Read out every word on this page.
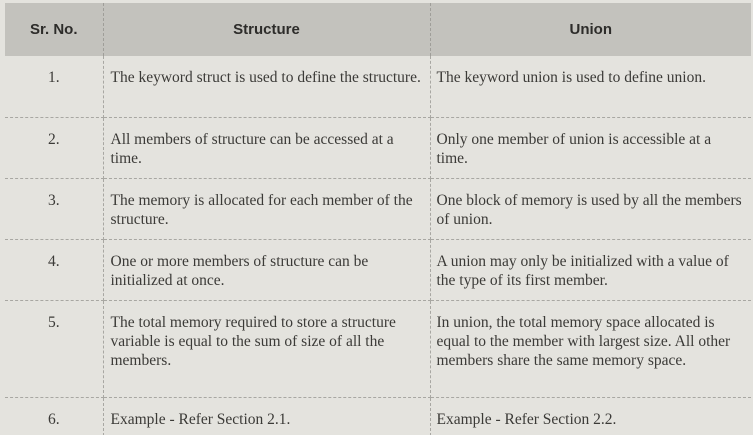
Sr. No.	Structure	Union
1.	The keyword struct is used to define the structure.	The keyword union is used to define union.
2.	All members of structure can be accessed at a time.	Only one member of union is accessible at a time.
3.	The memory is allocated for each member of the structure.	One block of memory is used by all the members of union.
4.	One or more members of structure can be initialized at once.	A union may only be initialized with a value of the type of its first member.
5.	The total memory required to store a structure variable is equal to the sum of size of all the members.	In union, the total memory space allocated is equal to the member with largest size. All other members share the same memory space.
6.	Example - Refer Section 2.1.	Example - Refer Section 2.2.
